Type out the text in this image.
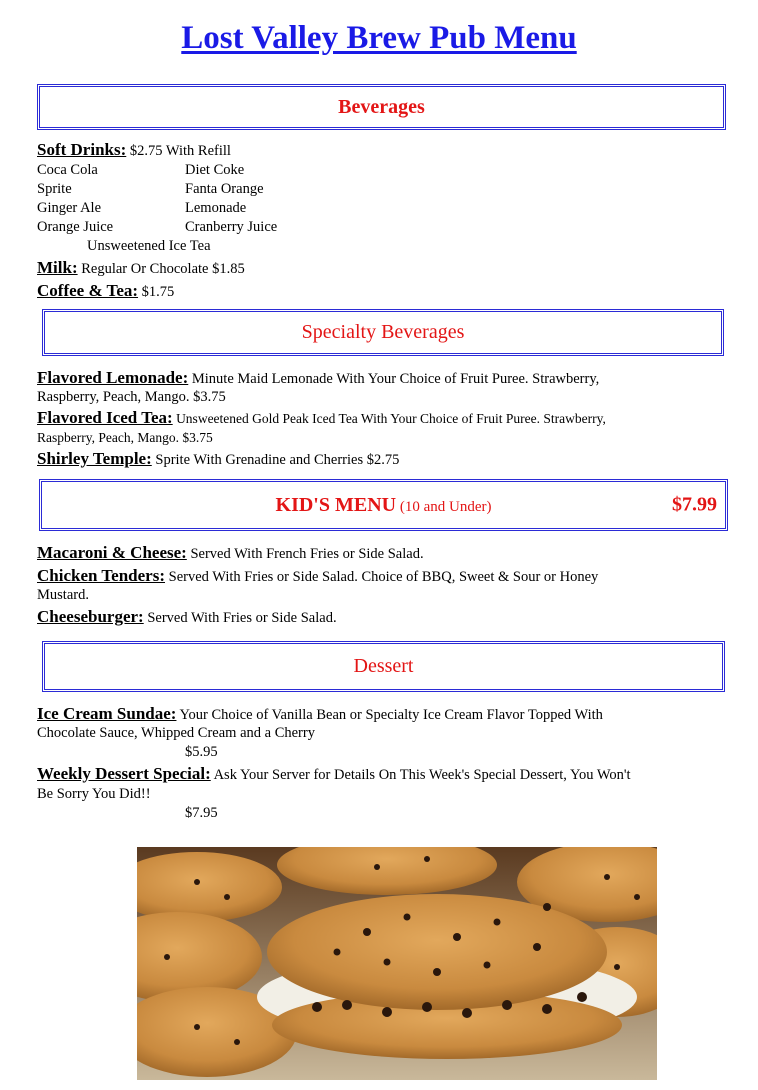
Lost Valley Brew Pub Menu
Beverages
Soft Drinks: $2.75 With Refill
Coca Cola	Diet Coke
Sprite	Fanta Orange
Ginger Ale	Lemonade
Orange Juice	Cranberry Juice
Unsweetened Ice Tea
Milk: Regular Or Chocolate $1.85
Coffee & Tea: $1.75
Specialty Beverages
Flavored Lemonade: Minute Maid Lemonade With Your Choice of Fruit Puree. Strawberry,
Raspberry, Peach, Mango. $3.75
Flavored Iced Tea: Unsweetened Gold Peak Iced Tea With Your Choice of Fruit Puree. Strawberry,
Raspberry, Peach, Mango. $3.75
Shirley Temple: Sprite With Grenadine and Cherries $2.75
KID'S MENU (10 and Under)	$7.99
Macaroni & Cheese: Served With French Fries or Side Salad.
Chicken Tenders: Served With Fries or Side Salad. Choice of BBQ, Sweet & Sour or Honey
Mustard.
Cheeseburger: Served With Fries or Side Salad.
Dessert
Ice Cream Sundae: Your Choice of Vanilla Bean or Specialty Ice Cream Flavor Topped With
Chocolate Sauce, Whipped Cream and a Cherry
$5.95
Weekly Dessert Special: Ask Your Server for Details On This Week's Special Dessert, You Won't
Be Sorry You Did!!
$7.95
